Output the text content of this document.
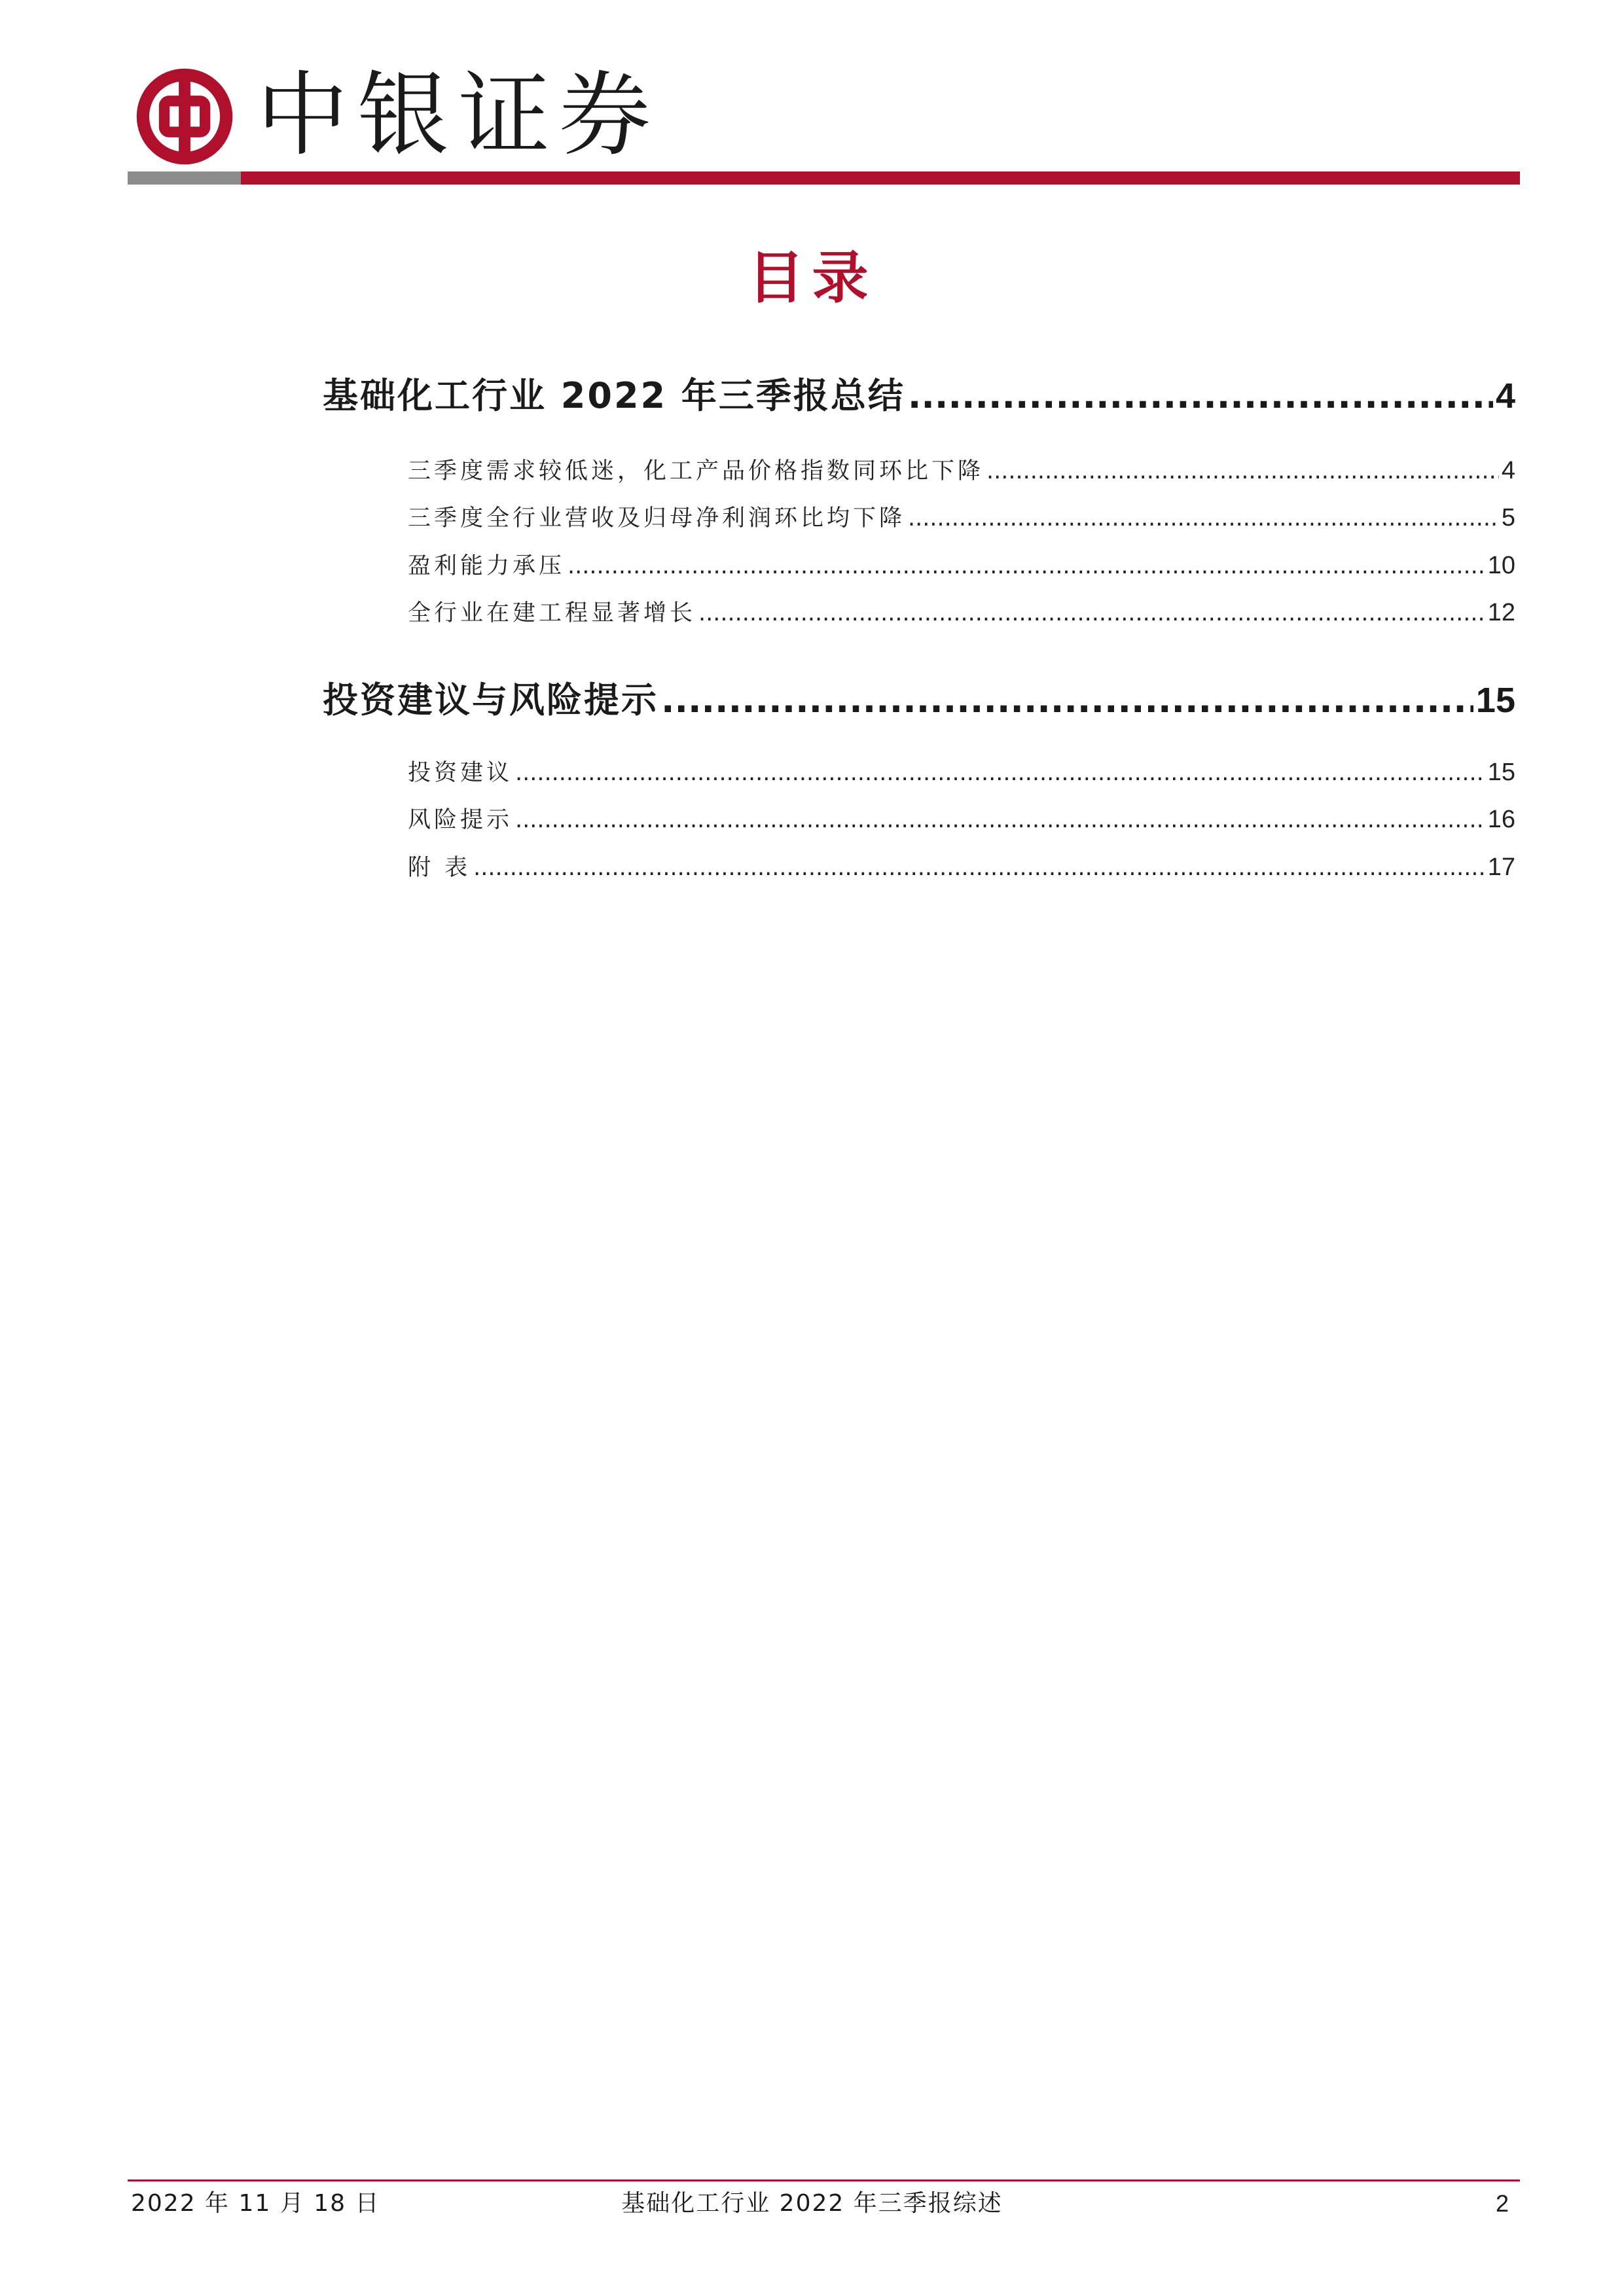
中银证券
目录
基础化工行业 2022 年三季报总结 .....	4
三季度需求较低迷，化工产品价格指数同环比下降 .....	4
三季度全行业营收及归母净利润环比均下降 .....	5
盈利能力承压 .....	10
全行业在建工程显著增长 .....	12
投资建议与风险提示 .....	15
投资建议 .....	15
风险提示 .....	16
附 表 .....	17
2022 年 11 月 18 日	基础化工行业 2022 年三季报综述	2
